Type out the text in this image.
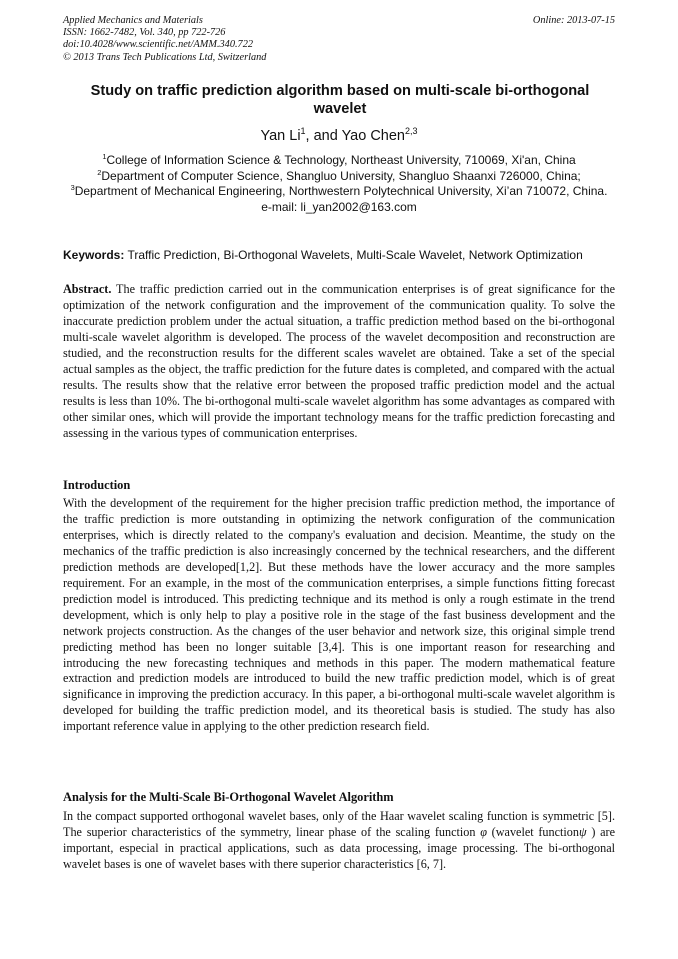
Applied Mechanics and Materials
ISSN: 1662-7482, Vol. 340, pp 722-726
doi:10.4028/www.scientific.net/AMM.340.722
© 2013 Trans Tech Publications Ltd, Switzerland
Online: 2013-07-15
Study on traffic prediction algorithm based on multi-scale bi-orthogonal wavelet
Yan Li$^1$, and Yao Chen$^{2,3}$
$^1$College of Information Science & Technology, Northeast University, 710069, Xi'an, China
$^2$Department of Computer Science, Shangluo University, Shangluo Shaanxi 726000, China;
$^3$Department of Mechanical Engineering, Northwestern Polytechnical University, Xi’an 710072, China.
e-mail: li_yan2002@163.com
Keywords: Traffic Prediction, Bi-Orthogonal Wavelets, Multi-Scale Wavelet, Network Optimization
Abstract. The traffic prediction carried out in the communication enterprises is of great significance for the optimization of the network configuration and the improvement of the communication quality. To solve the inaccurate prediction problem under the actual situation, a traffic prediction method based on the bi-orthogonal multi-scale wavelet algorithm is developed. The process of the wavelet decomposition and reconstruction are studied, and the reconstruction results for the different scales wavelet are obtained. Take a set of the special actual samples as the object, the traffic prediction for the future dates is completed, and compared with the actual results. The results show that the relative error between the proposed traffic prediction model and the actual results is less than 10%. The bi-orthogonal multi-scale wavelet algorithm has some advantages as compared with other similar ones, which will provide the important technology means for the traffic prediction forecasting and assessing in the various types of communication enterprises.
Introduction
With the development of the requirement for the higher precision traffic prediction method, the importance of the traffic prediction is more outstanding in optimizing the network configuration of the communication enterprises, which is directly related to the company's evaluation and decision. Meantime, the study on the mechanics of the traffic prediction is also increasingly concerned by the technical researchers, and the different prediction methods are developed[1,2]. But these methods have the lower accuracy and the more samples requirement. For an example, in the most of the communication enterprises, a simple functions fitting forecast prediction model is introduced. This predicting technique and its method is only a rough estimate in the trend development, which is only help to play a positive role in the stage of the fast business development and the network projects construction. As the changes of the user behavior and network size, this original simple trend predicting method has been no longer suitable [3,4]. This is one important reason for researching and introducing the new forecasting techniques and methods in this paper. The modern mathematical feature extraction and prediction models are introduced to build the new traffic prediction model, which is of great significance in improving the prediction accuracy. In this paper, a bi-orthogonal multi-scale wavelet algorithm is developed for building the traffic prediction model, and its theoretical basis is studied. The study has also important reference value in applying to the other prediction research field.
Analysis for the Multi-Scale Bi-Orthogonal Wavelet Algorithm
In the compact supported orthogonal wavelet bases, only of the Haar wavelet scaling function is symmetric [5]. The superior characteristics of the symmetry, linear phase of the scaling function φ (wavelet functionψ ) are important, especial in practical applications, such as data processing, image processing. The bi-orthogonal wavelet bases is one of wavelet bases with there superior characteristics [6, 7].
